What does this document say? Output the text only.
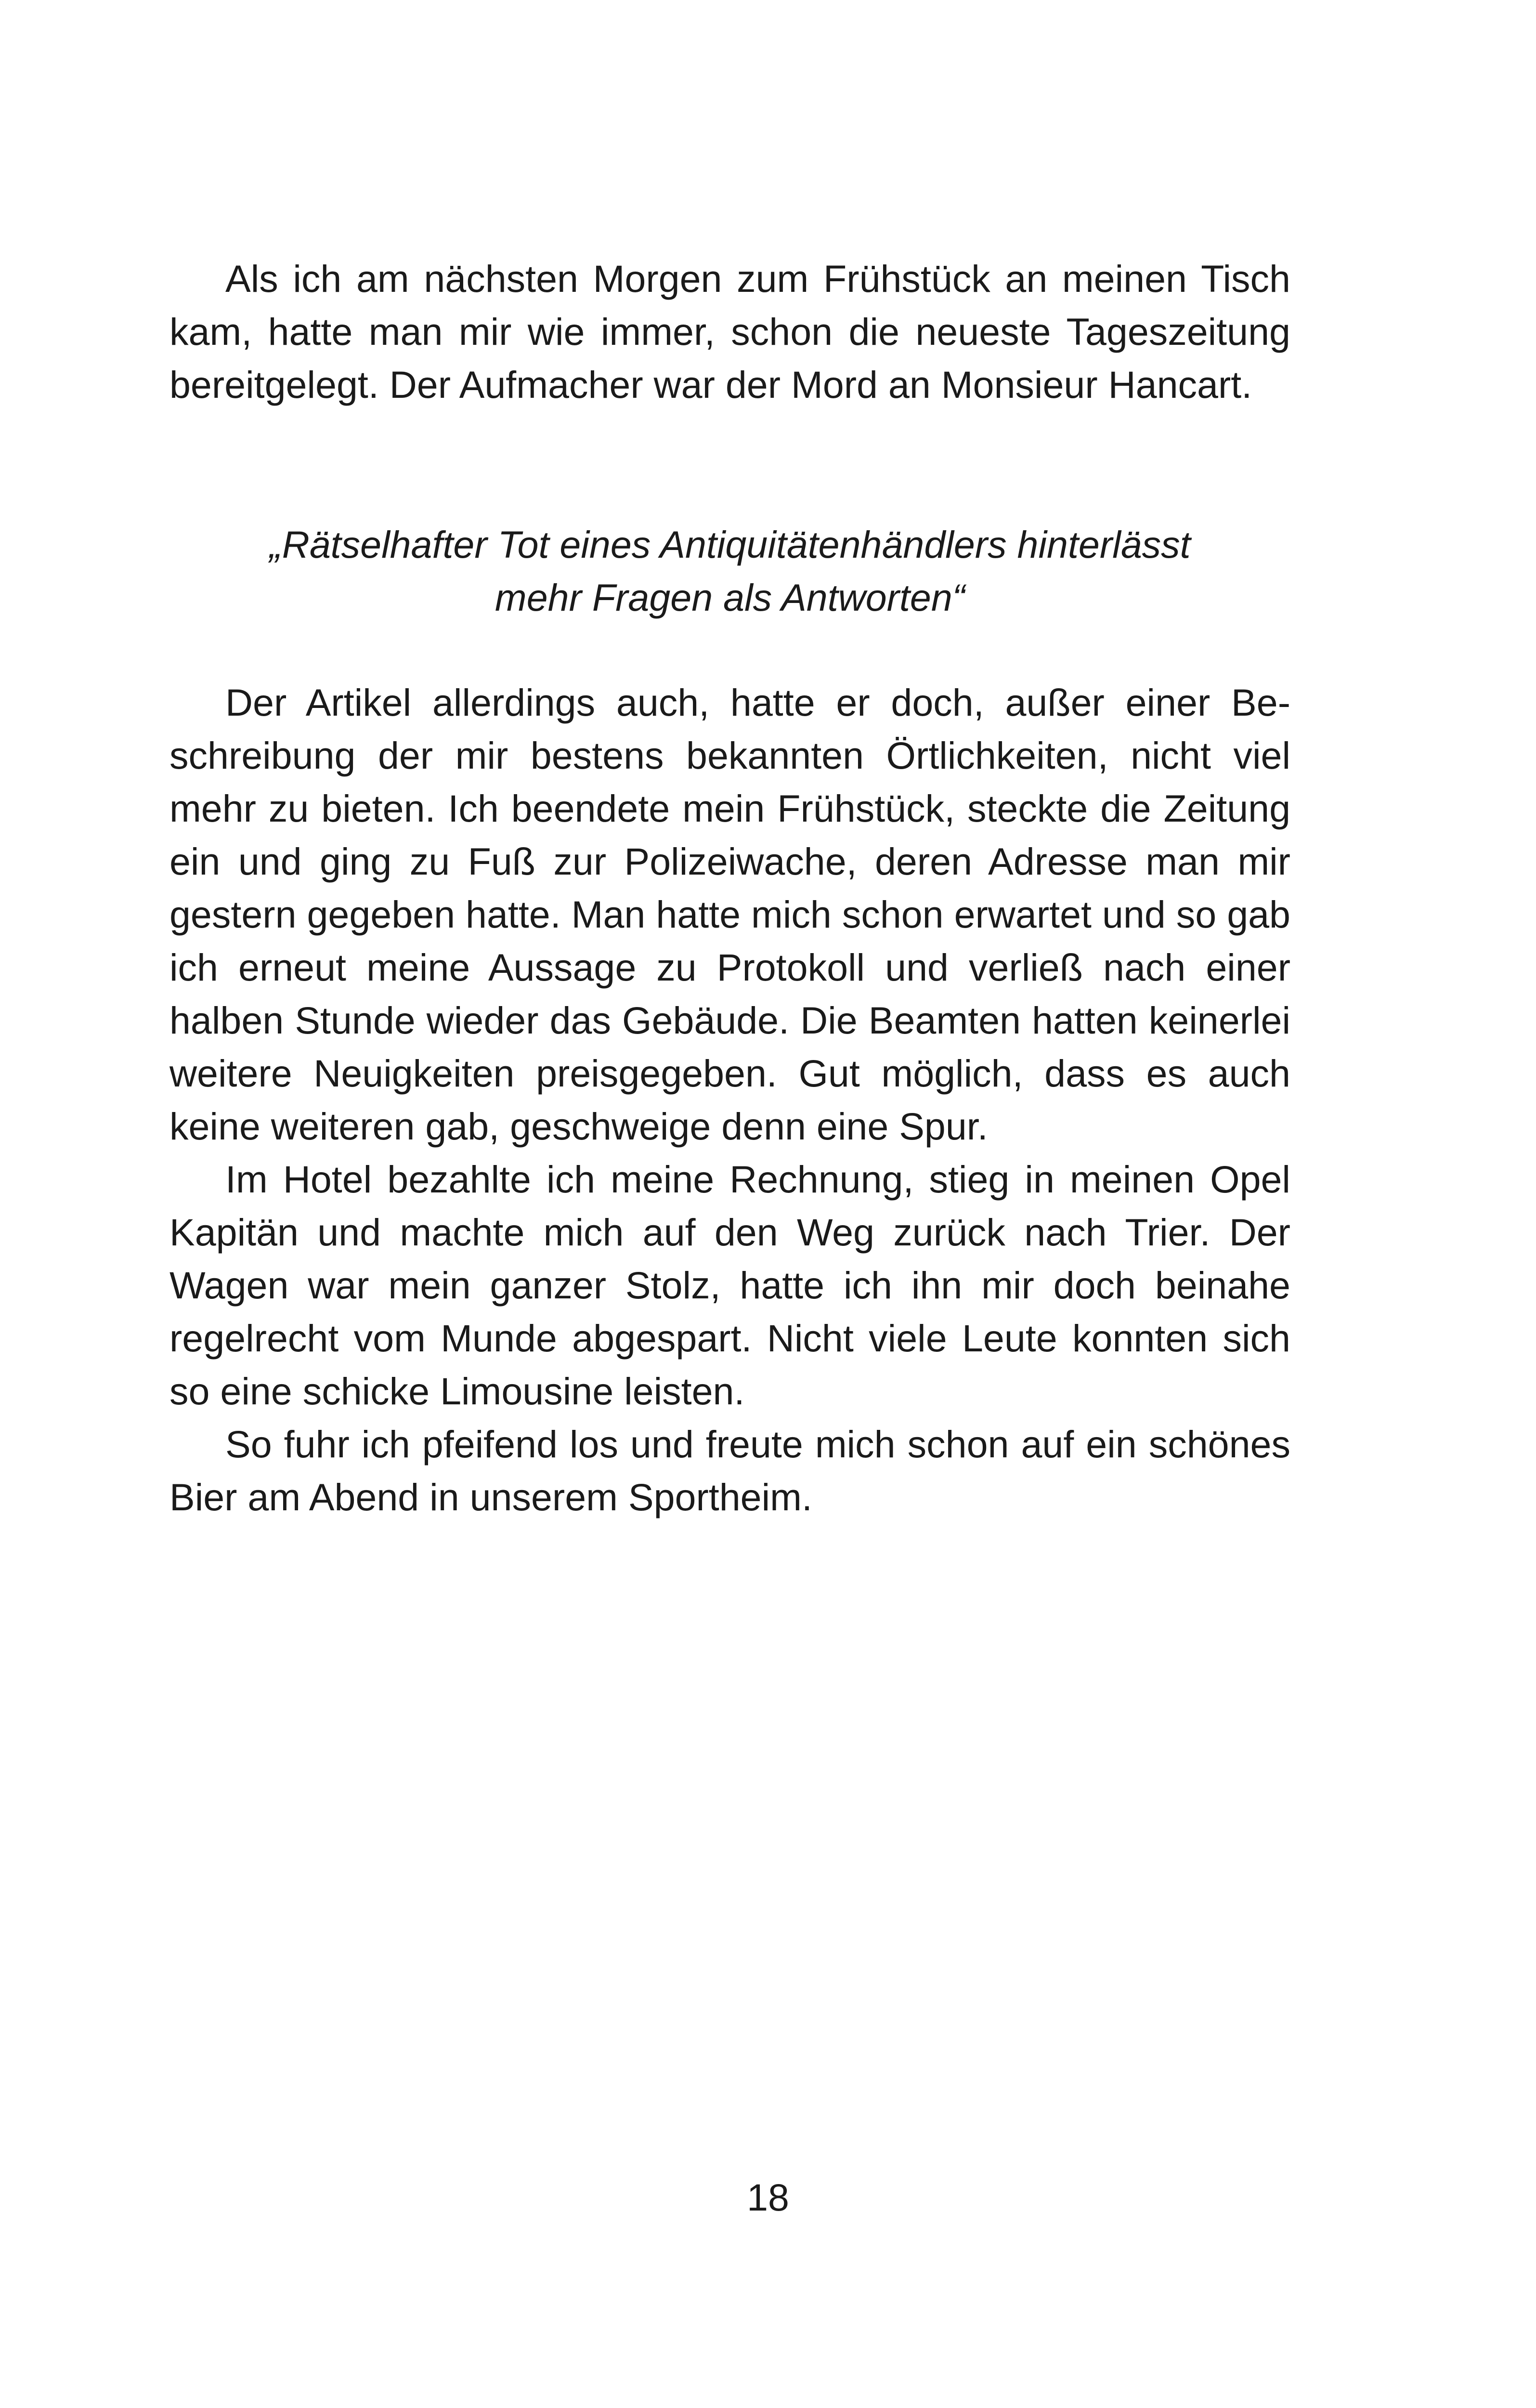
Als ich am nächsten Morgen zum Frühstück an meinen Tisch kam, hatte man mir wie immer, schon die neueste Tageszeitung bereitgelegt. Der Aufmacher war der Mord an Monsieur Hancart.

„Rätselhafter Tot eines Antiquitätenhändlers hinterlässt
mehr Fragen als Antworten“

Der Artikel allerdings auch, hatte er doch, außer einer Beschreibung der mir bestens bekannten Örtlichkeiten, nicht viel mehr zu bieten. Ich beendete mein Frühstück, steckte die Zeitung ein und ging zu Fuß zur Polizeiwache, deren Adresse man mir gestern gegeben hatte. Man hatte mich schon erwartet und so gab ich erneut meine Aussage zu Protokoll und verließ nach einer halben Stunde wieder das Gebäude. Die Beamten hatten keinerlei weitere Neuigkeiten preisgegeben. Gut möglich, dass es auch keine weiteren gab, geschweige denn eine Spur.

Im Hotel bezahlte ich meine Rechnung, stieg in meinen Opel Kapitän und machte mich auf den Weg zurück nach Trier. Der Wagen war mein ganzer Stolz, hatte ich ihn mir doch beinahe regelrecht vom Munde abgespart. Nicht viele Leute konnten sich so eine schicke Limousine leisten.

So fuhr ich pfeifend los und freute mich schon auf ein schönes Bier am Abend in unserem Sportheim.

18
